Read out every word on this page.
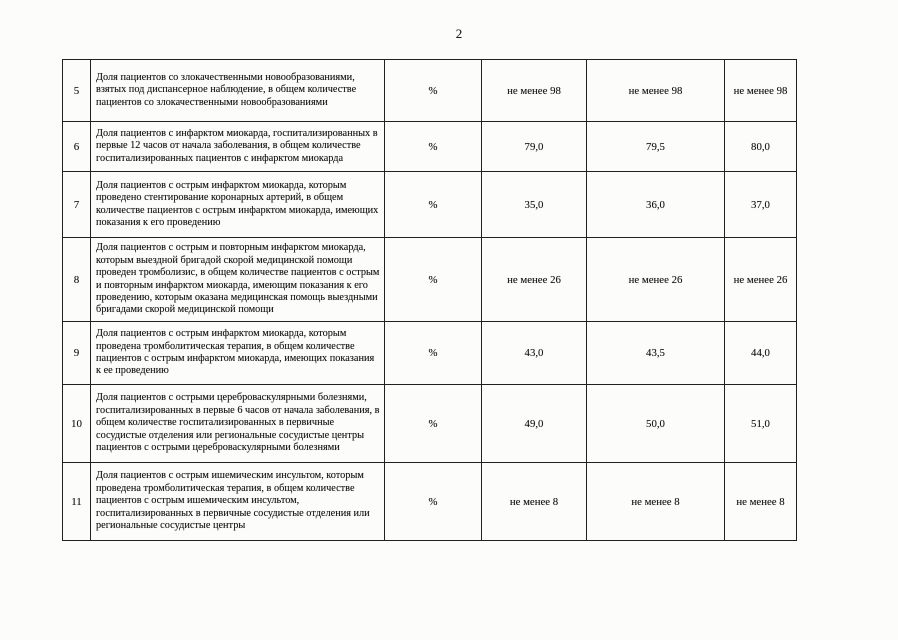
2
5	Доля пациентов со злокачественными новообразованиями, взятых под диспансерное наблюдение, в общем количестве пациентов со злокачественными новообразованиями	%	не менее 98	не менее 98	не менее 98
6	Доля пациентов с инфарктом миокарда, госпитализированных в первые 12 часов от начала заболевания, в общем количестве госпитализированных пациентов с инфарктом миокарда	%	79,0	79,5	80,0
7	Доля пациентов с острым инфарктом миокарда, которым проведено стентирование коронарных артерий, в общем количестве пациентов с острым инфарктом миокарда, имеющих показания к его проведению	%	35,0	36,0	37,0
8	Доля пациентов с острым и повторным инфарктом миокарда, которым выездной бригадой скорой медицинской помощи проведен тромболизис, в общем количестве пациентов с острым и повторным инфарктом миокарда, имеющим показания к его проведению, которым оказана медицинская помощь выездными бригадами скорой медицинской помощи	%	не менее 26	не менее 26	не менее 26
9	Доля пациентов с острым инфарктом миокарда, которым проведена тромболитическая терапия, в общем количестве пациентов с острым инфарктом миокарда, имеющих показания к ее проведению	%	43,0	43,5	44,0
10	Доля пациентов с острыми цереброваскулярными болезнями, госпитализированных в первые 6 часов от начала заболевания, в общем количестве госпитализированных в первичные сосудистые отделения или региональные сосудистые центры пациентов с острыми цереброваскулярными болезнями	%	49,0	50,0	51,0
11	Доля пациентов с острым ишемическим инсультом, которым проведена тромболитическая терапия, в общем количестве пациентов с острым ишемическим инсультом, госпитализированных в первичные сосудистые отделения или региональные сосудистые центры	%	не менее 8	не менее 8	не менее 8
